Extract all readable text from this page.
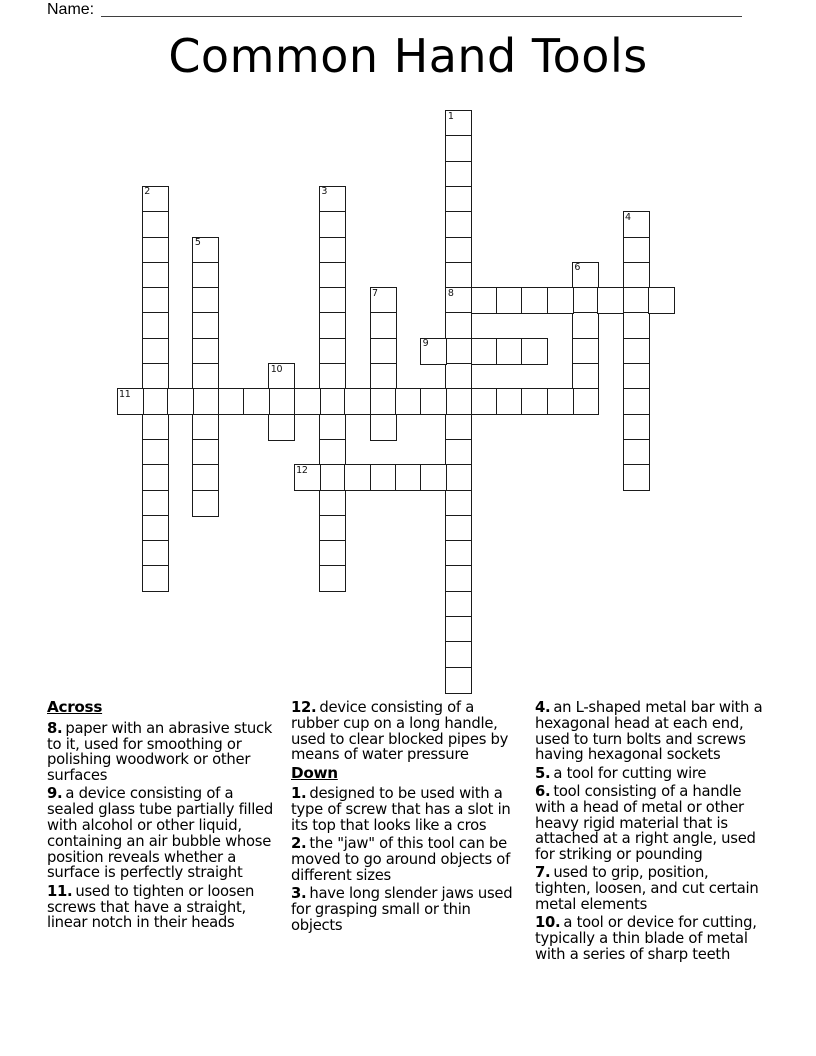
Name:
Common Hand Tools
1
8
2	3
4
5
6
7
9
10
11
12
Across

8. paper with an abrasive stuck to it, used for smoothing or polishing woodwork or other surfaces

9. a device consisting of a sealed glass tube partially filled with alcohol or other liquid, containing an air bubble whose position reveals whether a surface is perfectly straight

11. used to tighten or loosen screws that have a straight, linear notch in their heads

12. device consisting of a rubber cup on a long handle, used to clear blocked pipes by means of water pressure

Down

1. designed to be used with a type of screw that has a slot in its top that looks like a cros

2. the "jaw" of this tool can be moved to go around objects of different sizes

3. have long slender jaws used for grasping small or thin objects

4. an L-shaped metal bar with a hexagonal head at each end, used to turn bolts and screws having hexagonal sockets

5. a tool for cutting wire

6. tool consisting of a handle with a head of metal or other heavy rigid material that is attached at a right angle, used for striking or pounding

7. used to grip, position, tighten, loosen, and cut certain metal elements

10. a tool or device for cutting, typically a thin blade of metal with a series of sharp teeth
